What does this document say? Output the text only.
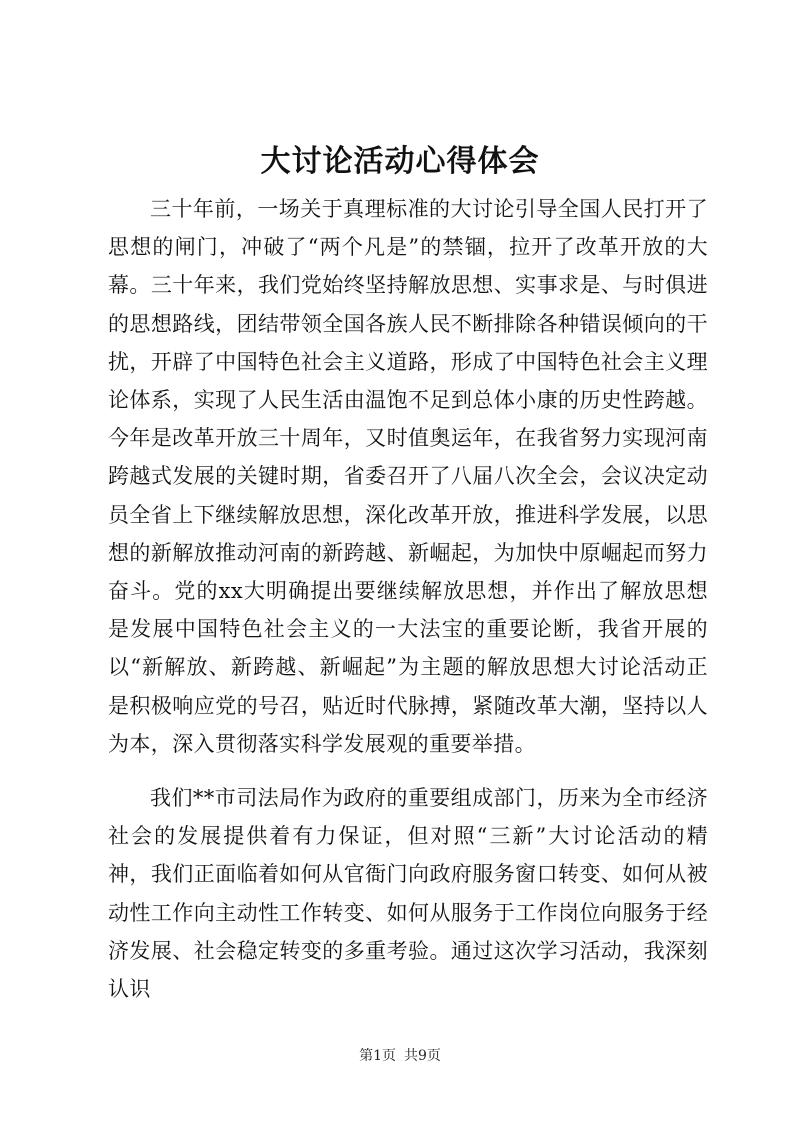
大讨论活动心得体会

三十年前，一场关于真理标准的大讨论引导全国人民打开了思想的闸门，冲破了“两个凡是”的禁锢，拉开了改革开放的大幕。三十年来，我们党始终坚持解放思想、实事求是、与时俱进的思想路线，团结带领全国各族人民不断排除各种错误倾向的干扰，开辟了中国特色社会主义道路，形成了中国特色社会主义理论体系，实现了人民生活由温饱不足到总体小康的历史性跨越。今年是改革开放三十周年，又时值奥运年，在我省努力实现河南跨越式发展的关键时期，省委召开了八届八次全会，会议决定动员全省上下继续解放思想，深化改革开放，推进科学发展，以思想的新解放推动河南的新跨越、新崛起，为加快中原崛起而努力奋斗。党的xx大明确提出要继续解放思想，并作出了解放思想是发展中国特色社会主义的一大法宝的重要论断，我省开展的以“新解放、新跨越、新崛起”为主题的解放思想大讨论活动正是积极响应党的号召，贴近时代脉搏，紧随改革大潮，坚持以人为本，深入贯彻落实科学发展观的重要举措。

我们**市司法局作为政府的重要组成部门，历来为全市经济社会的发展提供着有力保证，但对照“三新”大讨论活动的精神，我们正面临着如何从官衙门向政府服务窗口转变、如何从被动性工作向主动性工作转变、如何从服务于工作岗位向服务于经济发展、社会稳定转变的多重考验。通过这次学习活动，我深刻认识

第1页 共9页
